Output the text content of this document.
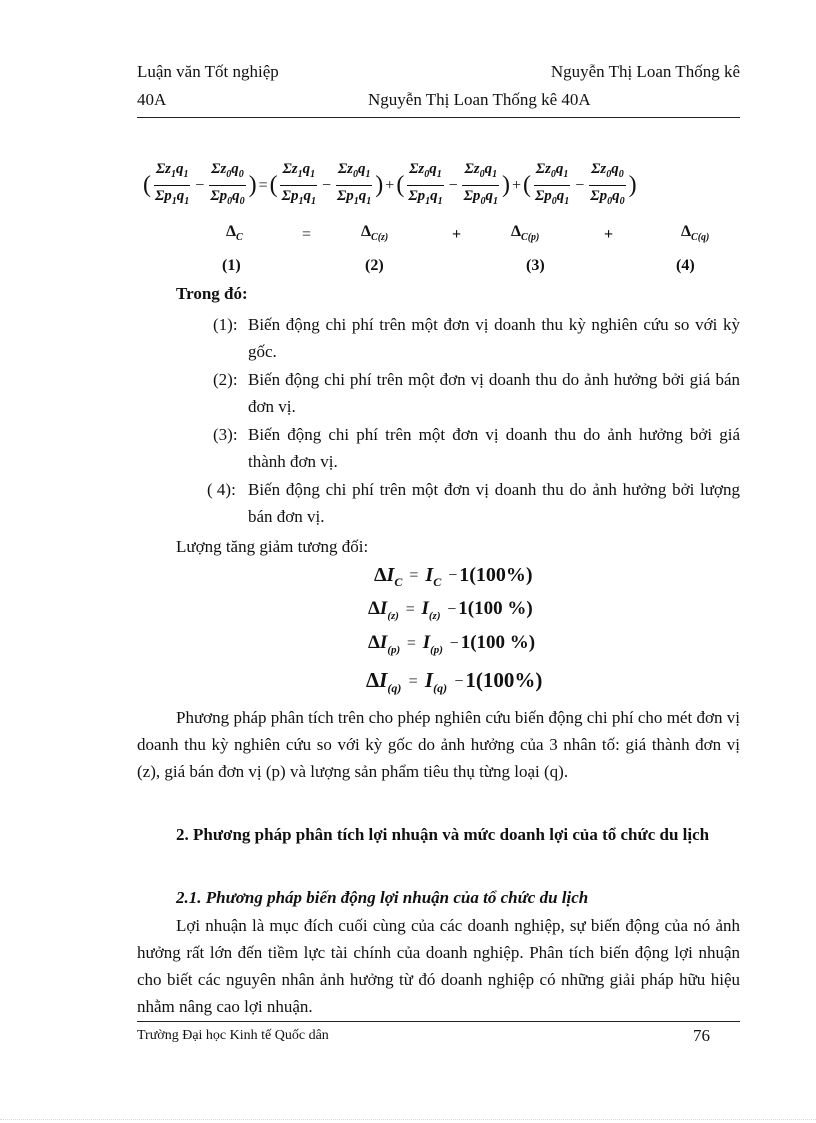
Luận văn Tốt nghiệp	Nguyễn Thị Loan Thống kê
40A	Nguyễn Thị Loan Thống kê 40A
( $\frac{\Sigma z_1q_1}{\Sigma p_1q_1} - \frac{\Sigma z_0q_0}{\Sigma p_0q_0}$ ) =( $\frac{\Sigma z_1q_1}{\Sigma p_1q_1} - \frac{\Sigma z_0q_1}{\Sigma p_1q_1}$ ) +( $\frac{\Sigma z_0q_1}{\Sigma p_1q_1} - \frac{\Sigma z_0q_1}{\Sigma p_0q_1}$ ) +( $\frac{\Sigma z_0q_1}{\Sigma p_0q_1} - \frac{\Sigma z_0q_0}{\Sigma p_0q_0}$ )
$\Delta_C$	=	$\Delta_{C(z)}$	+	$\Delta_{C(p)}$	+	$\Delta_{C(q)}$
(1)	(2)	(3)	(4)
Trong đó:
(1): Biến động chi phí trên một đơn vị doanh thu kỳ nghiên cứu so với kỳ gốc.
(2): Biến động chi phí trên một đơn vị doanh thu do ảnh hưởng bởi giá bán đơn vị.
(3): Biến động chi phí trên một đơn vị doanh thu do ảnh hưởng bởi giá thành đơn vị.
( 4): Biến động chi phí trên một đơn vị doanh thu do ảnh hưởng bởi lượng bán đơn vị.
Lượng tăng giảm tương đối:
$\Delta I_C = I_C - 1(100\%)$
$\Delta I_{(z)} = I_{(z)} - 1(100$ %)
$\Delta I_{(p)} = I_{(p)} - 1(100$ %)
$\Delta I_{(q)} = I_{(q)} -1(100\%)$
Phương pháp phân tích trên cho phép nghiên cứu biến động chi phí cho mét đơn vị doanh thu kỳ nghiên cứu so với kỳ gốc do ảnh hưởng của 3 nhân tố: giá thành đơn vị (z), giá bán đơn vị (p) và lượng sản phẩm tiêu thụ từng loại (q).
2. Phương pháp phân tích lợi nhuận và mức doanh lợi của tổ chức du lịch
2.1. Phương pháp biến động lợi nhuận của tổ chức du lịch
Lợi nhuận là mục đích cuối cùng của các doanh nghiệp, sự biến động của nó ảnh hưởng rất lớn đến tiềm lực tài chính của doanh nghiệp. Phân tích biến động lợi nhuận cho biết các nguyên nhân ảnh hưởng từ đó doanh nghiệp có những giải pháp hữu hiệu nhằm nâng cao lợi nhuận.
Trường Đại học Kinh tế Quốc dân	76
